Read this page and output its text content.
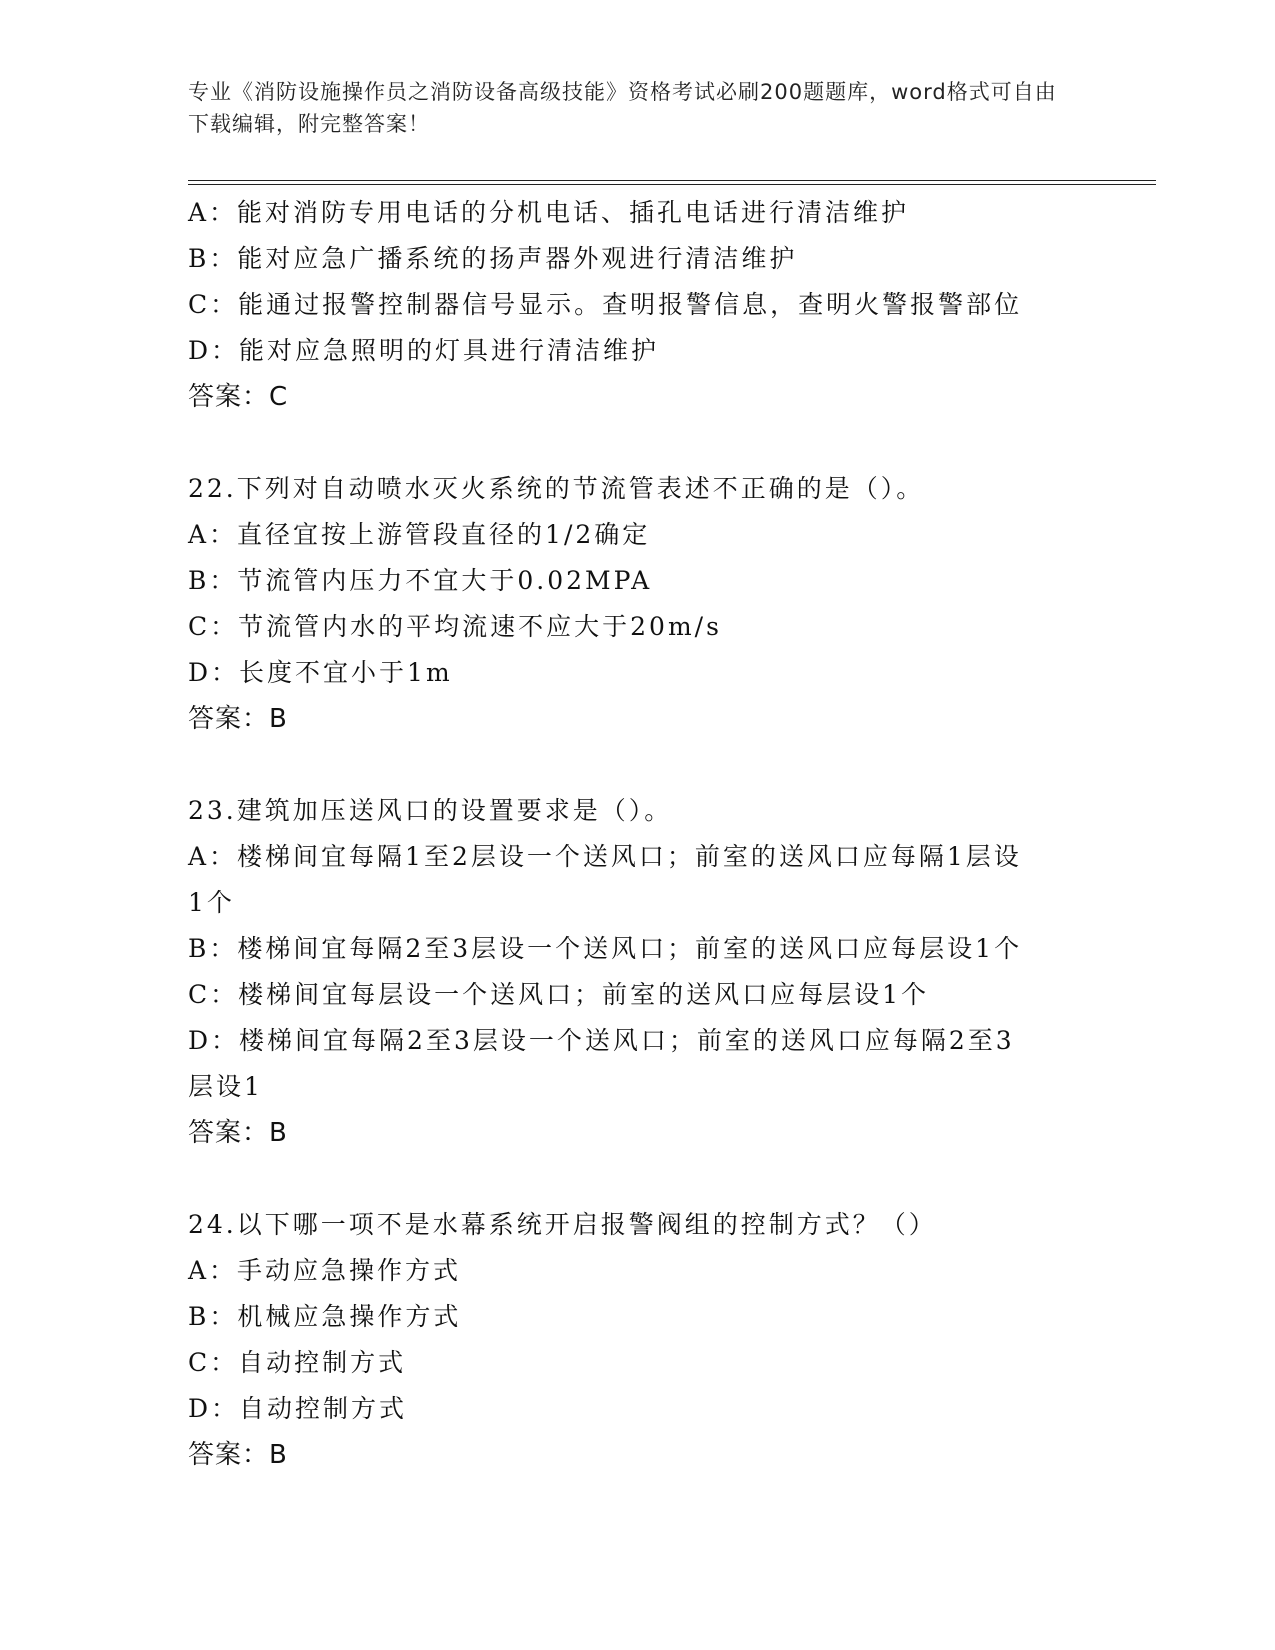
专业《消防设施操作员之消防设备高级技能》资格考试必刷200题题库，word格式可自由下载编辑，附完整答案！
A：能对消防专用电话的分机电话、插孔电话进行清洁维护
B：能对应急广播系统的扬声器外观进行清洁维护
C：能通过报警控制器信号显示。查明报警信息，查明火警报警部位
D：能对应急照明的灯具进行清洁维护
答案：C
22.下列对自动喷水灭火系统的节流管表述不正确的是（）。
A：直径宜按上游管段直径的1/2确定
B：节流管内压力不宜大于0.02MPA
C：节流管内水的平均流速不应大于20m/s
D：长度不宜小于1m
答案：B
23.建筑加压送风口的设置要求是（）。
A：楼梯间宜每隔1至2层设一个送风口；前室的送风口应每隔1层设
1个
B：楼梯间宜每隔2至3层设一个送风口；前室的送风口应每层设1个
C：楼梯间宜每层设一个送风口；前室的送风口应每层设1个
D：楼梯间宜每隔2至3层设一个送风口；前室的送风口应每隔2至3
层设1
答案：B
24.以下哪一项不是水幕系统开启报警阀组的控制方式？（）
A：手动应急操作方式
B：机械应急操作方式
C：自动控制方式
D：自动控制方式
答案：B
